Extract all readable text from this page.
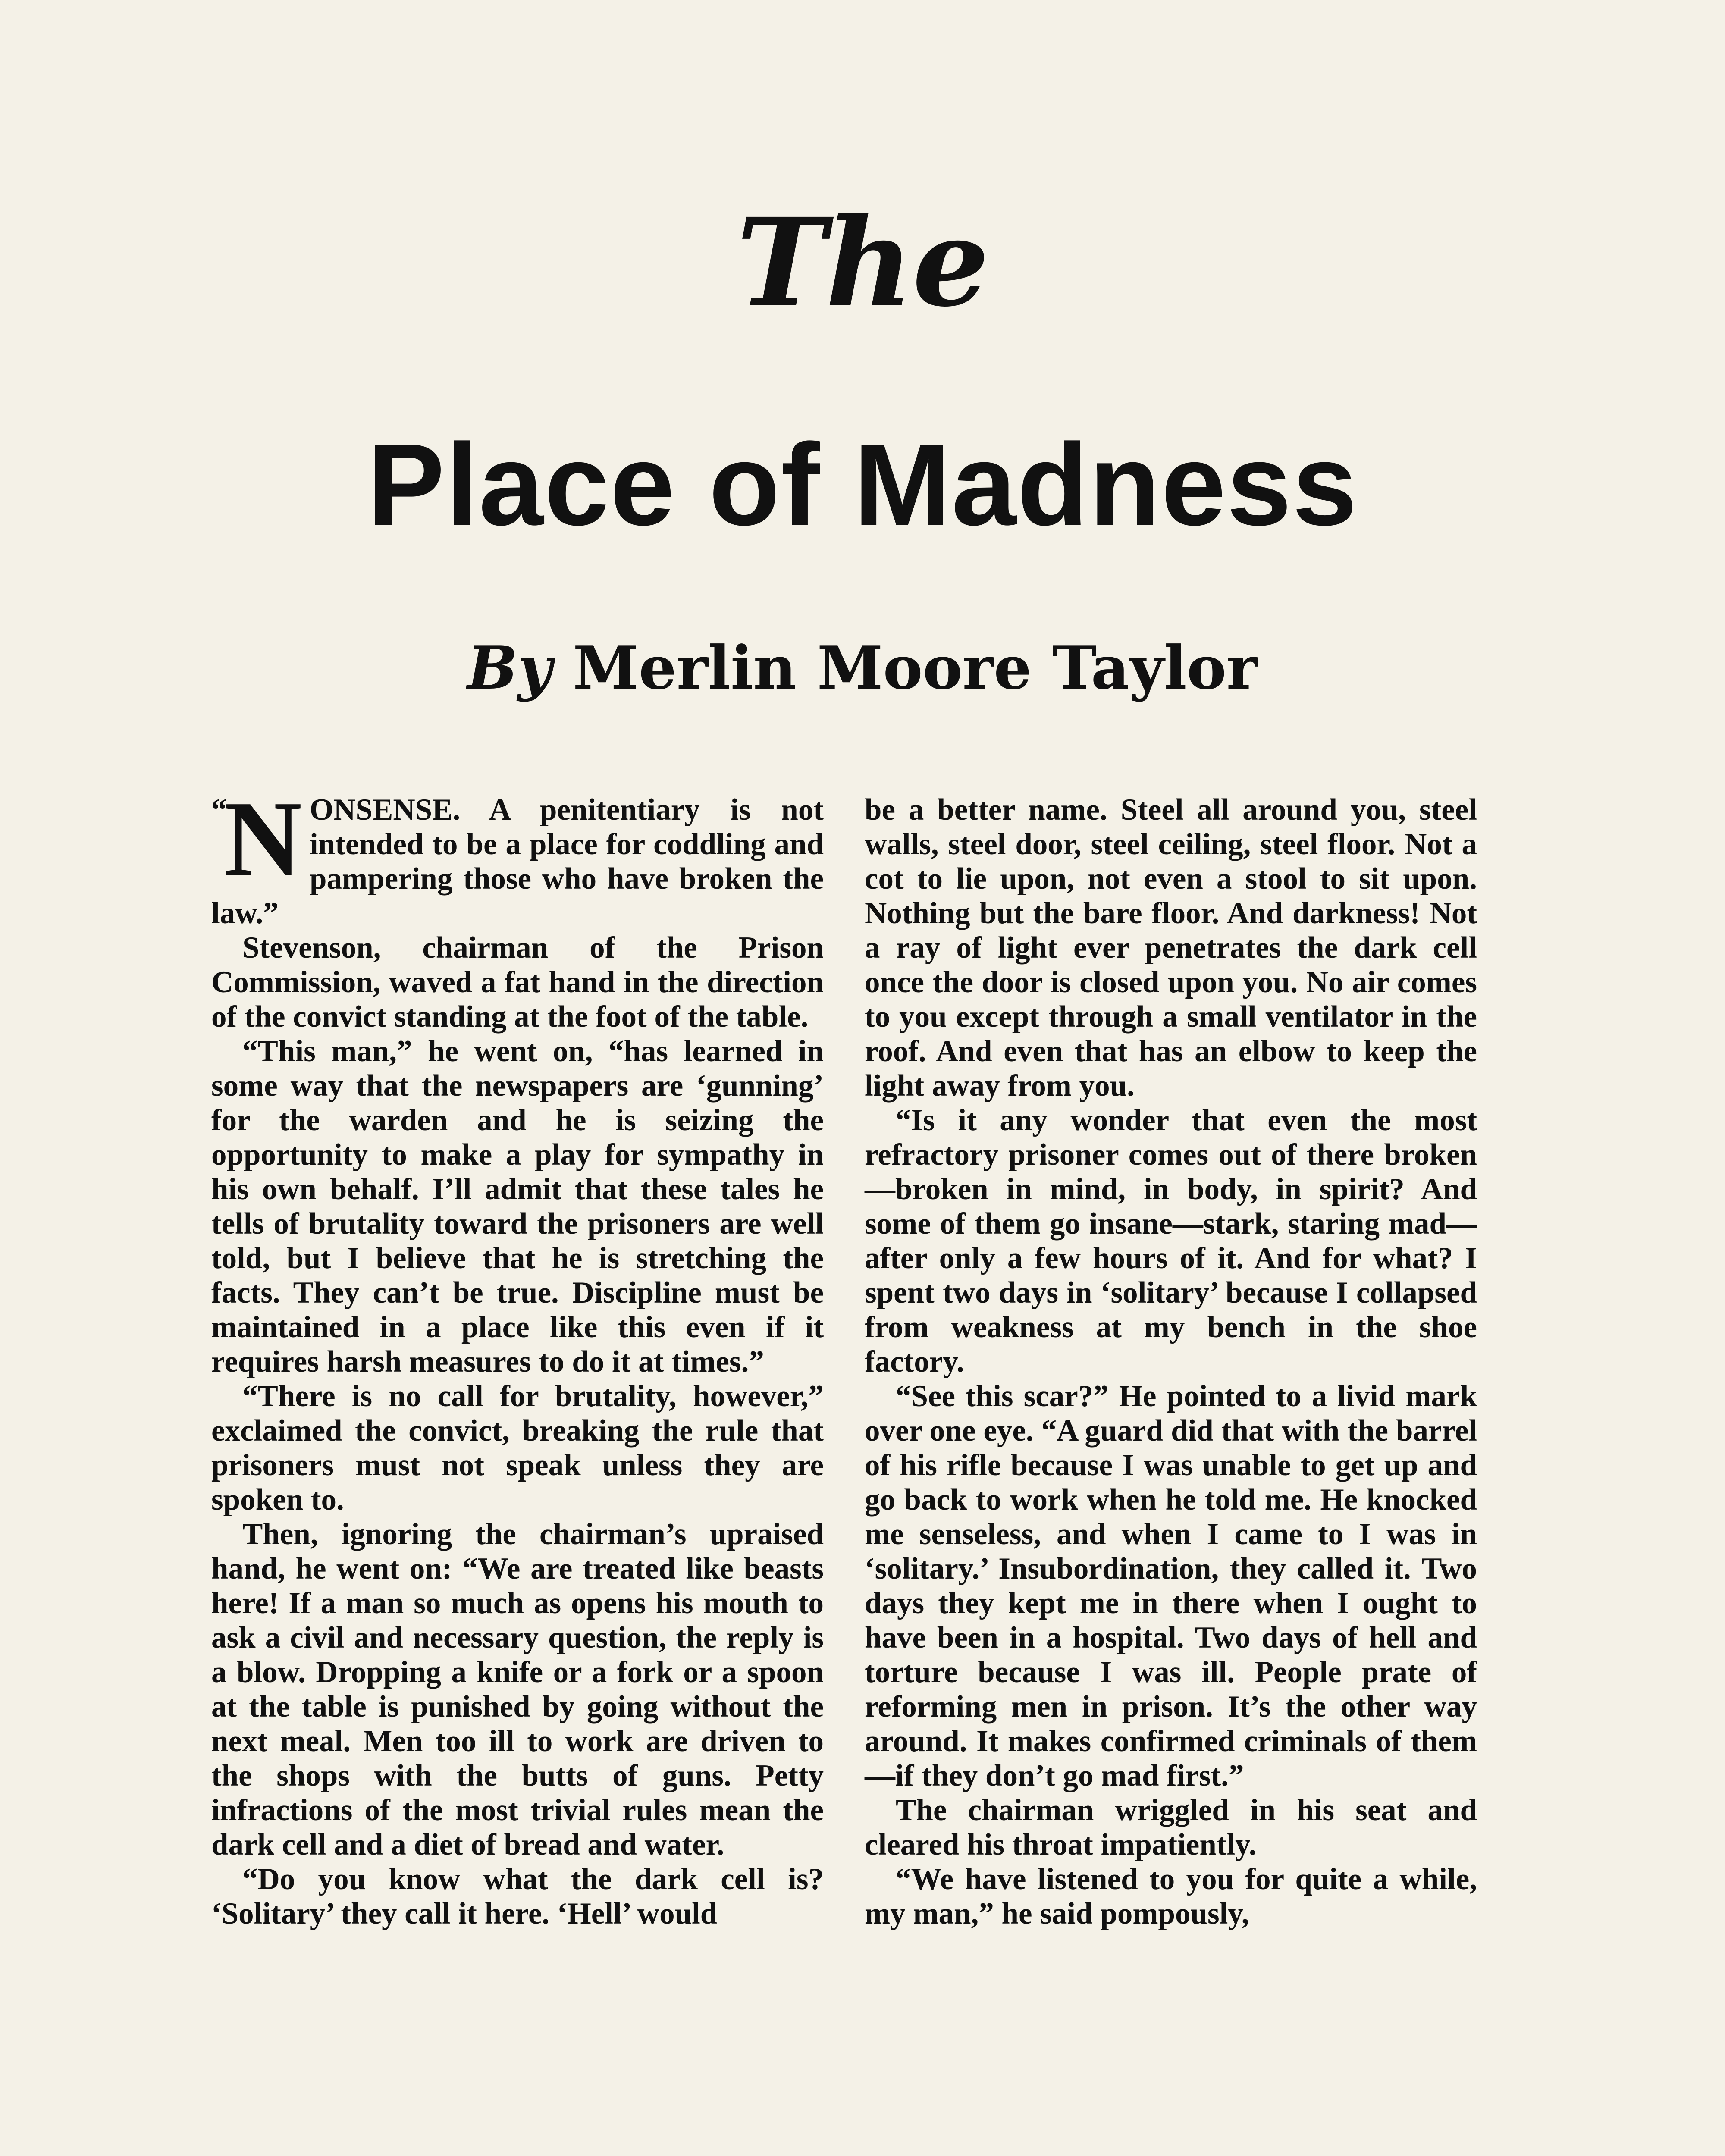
The
Place of Madness
By Merlin Moore Taylor

“
N ONSENSE. A penitentiary is not intended to be a place for coddling and pampering those who have broken the law.”

Stevenson, chairman of the Prison Commission, waved a fat hand in the direction of the convict standing at the foot of the table.

“This man,” he went on, “has learned in some way that the newspapers are ‘gunning’ for the warden and he is seizing the opportunity to make a play for sympathy in his own behalf. I’ll admit that these tales he tells of brutality toward the prisoners are well told, but I believe that he is stretching the facts. They can’t be true. Discipline must be maintained in a place like this even if it requires harsh measures to do it at times.”

“There is no call for brutality, however,” exclaimed the convict, breaking the rule that prisoners must not speak unless they are spoken to.

Then, ignoring the chairman’s upraised hand, he went on: “We are treated like beasts here! If a man so much as opens his mouth to ask a civil and necessary question, the reply is a blow. Dropping a knife or a fork or a spoon at the table is punished by going without the next meal. Men too ill to work are driven to the shops with the butts of guns. Petty infractions of the most trivial rules mean the dark cell and a diet of bread and water.

“Do you know what the dark cell is? ‘Solitary’ they call it here. ‘Hell’ would

be a better name. Steel all around you, steel walls, steel door, steel ceiling, steel floor. Not a cot to lie upon, not even a stool to sit upon. Nothing but the bare floor. And darkness! Not a ray of light ever penetrates the dark cell once the door is closed upon you. No air comes to you except through a small ventilator in the roof. And even that has an elbow to keep the light away from you.

“Is it any wonder that even the most refractory prisoner comes out of there broken—broken in mind, in body, in spirit? And some of them go insane—stark, staring mad—after only a few hours of it. And for what? I spent two days in ‘solitary’ because I collapsed from weakness at my bench in the shoe factory.

“See this scar?” He pointed to a livid mark over one eye. “A guard did that with the barrel of his rifle because I was unable to get up and go back to work when he told me. He knocked me senseless, and when I came to I was in ‘solitary.’ Insubordination, they called it. Two days they kept me in there when I ought to have been in a hospital. Two days of hell and torture because I was ill. People prate of reforming men in prison. It’s the other way around. It makes confirmed criminals of them—if they don’t go mad first.”

The chairman wriggled in his seat and cleared his throat impatiently.

“We have listened to you for quite a while, my man,” he said pompously,
